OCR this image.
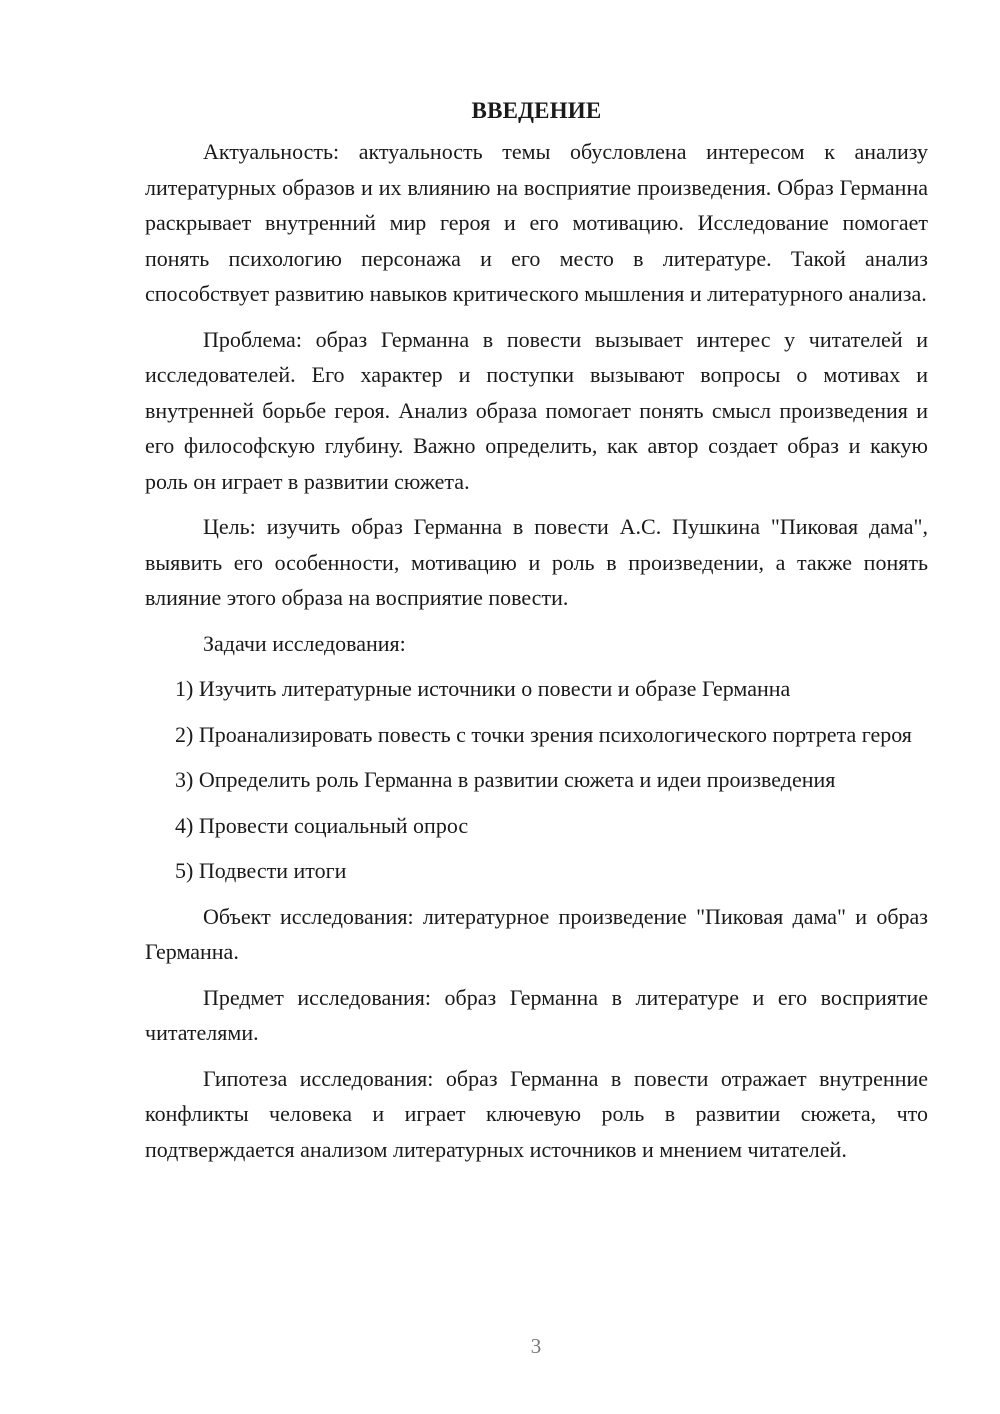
ВВЕДЕНИЕ

Актуальность: актуальность темы обусловлена интересом к анализу литературных образов и их влиянию на восприятие произведения. Образ Германна раскрывает внутренний мир героя и его мотивацию. Исследование помогает понять психологию персонажа и его место в литературе. Такой анализ способствует развитию навыков критического мышления и литературного анализа.

Проблема: образ Германна в повести вызывает интерес у читателей и исследователей. Его характер и поступки вызывают вопросы о мотивах и внутренней борьбе героя. Анализ образа помогает понять смысл произведения и его философскую глубину. Важно определить, как автор создает образ и какую роль он играет в развитии сюжета.

Цель: изучить образ Германна в повести А.С. Пушкина "Пиковая дама", выявить его особенности, мотивацию и роль в произведении, а также понять влияние этого образа на восприятие повести.

Задачи исследования:

1) Изучить литературные источники о повести и образе Германна

2) Проанализировать повесть с точки зрения психологического портрета героя

3) Определить роль Германна в развитии сюжета и идеи произведения

4) Провести социальный опрос

5) Подвести итоги

Объект исследования: литературное произведение "Пиковая дама" и образ Германна.

Предмет исследования: образ Германна в литературе и его восприятие читателями.

Гипотеза исследования: образ Германна в повести отражает внутренние конфликты человека и играет ключевую роль в развитии сюжета, что подтверждается анализом литературных источников и мнением читателей.

3
